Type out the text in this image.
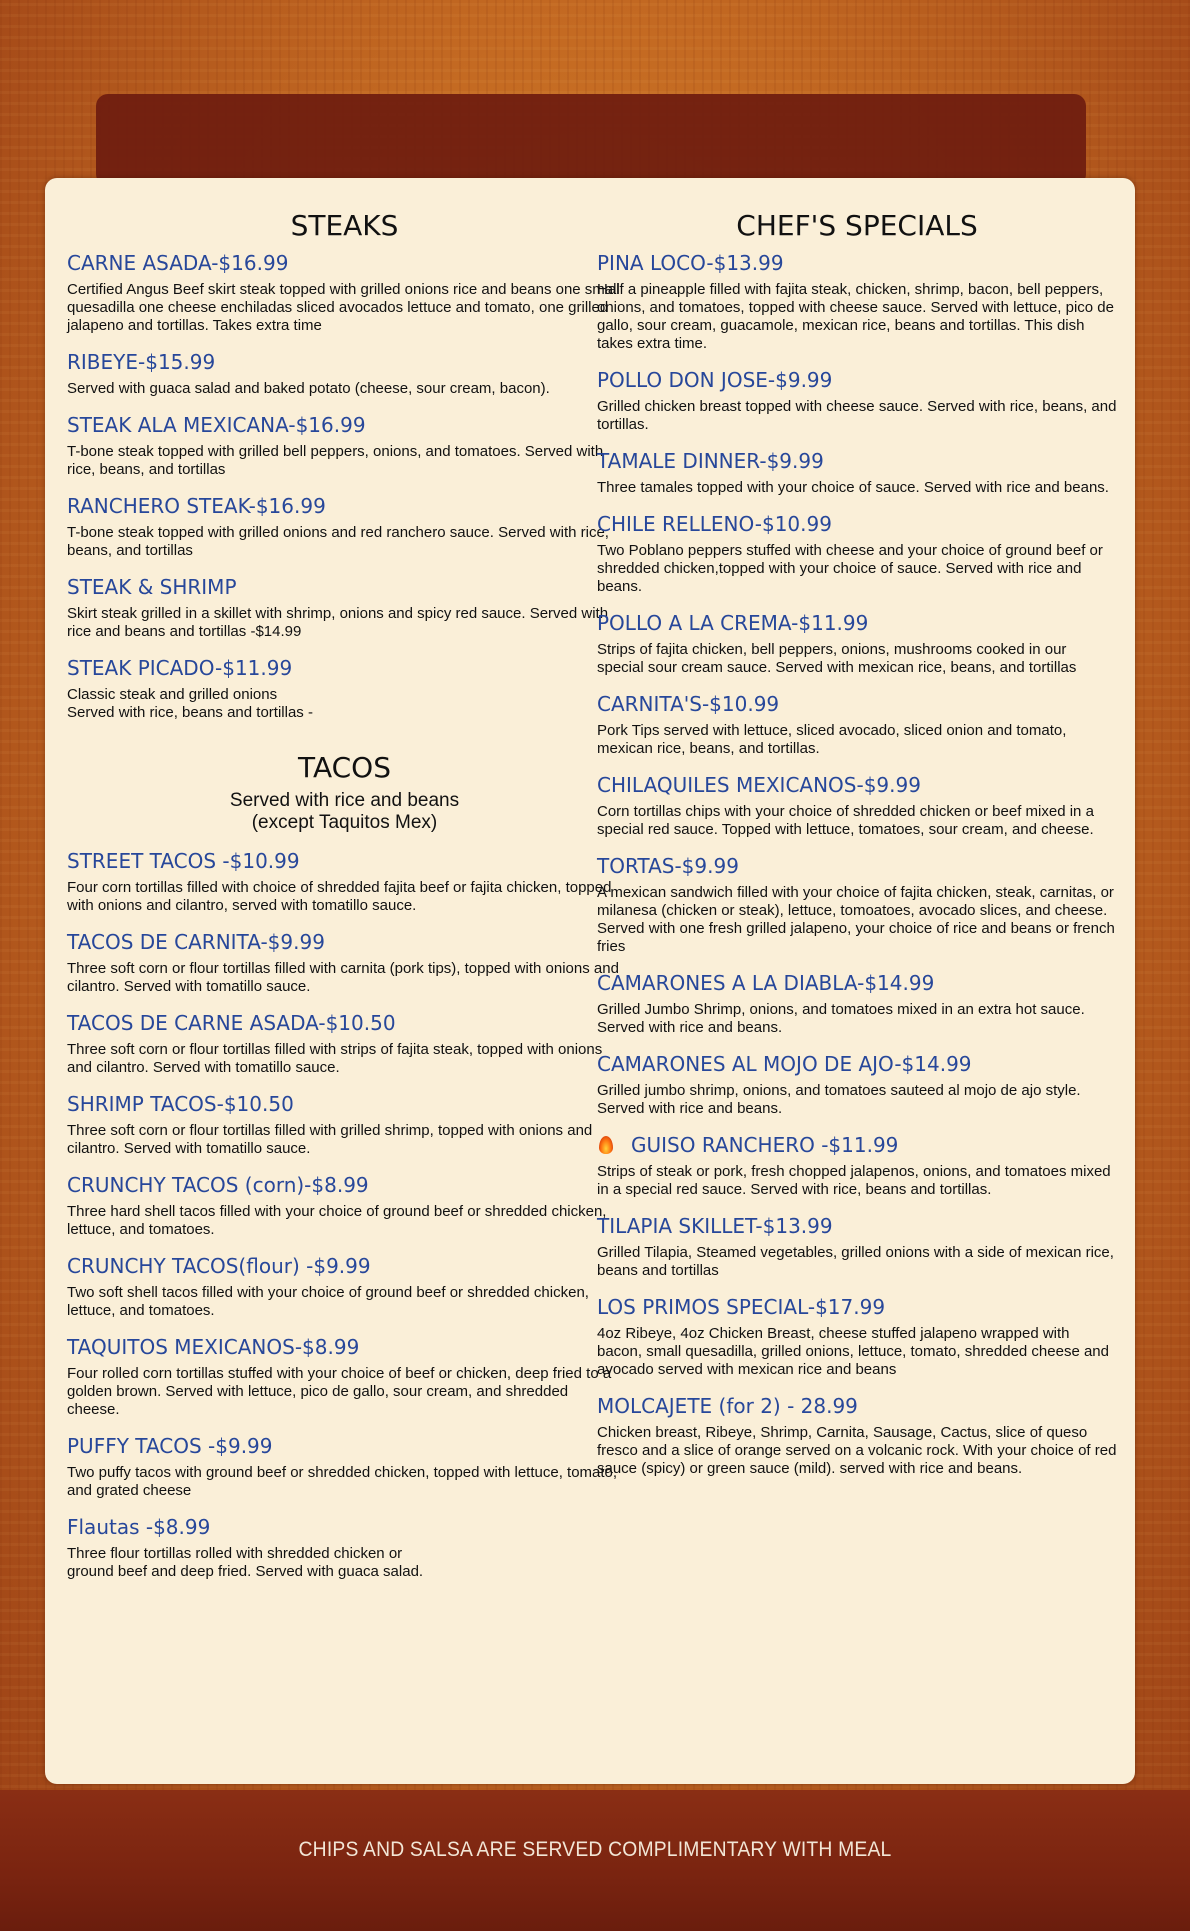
STEAKS
CARNE ASADA-$16.99

Certified Angus Beef skirt steak topped with grilled onions rice and beans one small quesadilla one cheese enchiladas sliced avocados lettuce and tomato, one grilled jalapeno and tortillas. Takes extra time

RIBEYE-$15.99

Served with guaca salad and baked potato (cheese, sour cream, bacon).

STEAK ALA MEXICANA-$16.99

T-bone steak topped with grilled bell peppers, onions, and tomatoes. Served with rice, beans, and tortillas

RANCHERO STEAK-$16.99

T-bone steak topped with grilled onions and red ranchero sauce. Served with rice, beans, and tortillas

STEAK & SHRIMP

Skirt steak grilled in a skillet with shrimp, onions and spicy red sauce. Served with rice and beans and tortillas -$14.99

STEAK PICADO-$11.99

Classic steak and grilled onions
Served with rice, beans and tortillas -

TACOS
Served with rice and beans
(except Taquitos Mex)
STREET TACOS -$10.99

Four corn tortillas filled with choice of shredded fajita beef or fajita chicken, topped with onions and cilantro, served with tomatillo sauce.

TACOS DE CARNITA-$9.99

Three soft corn or flour tortillas filled with carnita (pork tips), topped with onions and cilantro. Served with tomatillo sauce.

TACOS DE CARNE ASADA-$10.50

Three soft corn or flour tortillas filled with strips of fajita steak, topped with onions and cilantro. Served with tomatillo sauce.

SHRIMP TACOS-$10.50

Three soft corn or flour tortillas filled with grilled shrimp, topped with onions and cilantro. Served with tomatillo sauce.

CRUNCHY TACOS (corn)-$8.99

Three hard shell tacos filled with your choice of ground beef or shredded chicken, lettuce, and tomatoes.

CRUNCHY TACOS(flour) -$9.99

Two soft shell tacos filled with your choice of ground beef or shredded chicken, lettuce, and tomatoes.

TAQUITOS MEXICANOS-$8.99

Four rolled corn tortillas stuffed with your choice of beef or chicken, deep fried to a golden brown. Served with lettuce, pico de gallo, sour cream, and shredded cheese.

PUFFY TACOS -$9.99

Two puffy tacos with ground beef or shredded chicken, topped with lettuce, tomato, and grated cheese

Flautas -$8.99

Three flour tortillas rolled with shredded chicken or
ground beef and deep fried. Served with guaca salad.

CHEF'S SPECIALS
PINA LOCO-$13.99

Half a pineapple filled with fajita steak, chicken, shrimp, bacon, bell peppers, onions, and tomatoes, topped with cheese sauce. Served with lettuce, pico de gallo, sour cream, guacamole, mexican rice, beans and tortillas. This dish takes extra time.

POLLO DON JOSE-$9.99

Grilled chicken breast topped with cheese sauce. Served with rice, beans, and tortillas.

TAMALE DINNER-$9.99

Three tamales topped with your choice of sauce. Served with rice and beans.

CHILE RELLENO-$10.99

Two Poblano peppers stuffed with cheese and your choice of ground beef or shredded chicken,topped with your choice of sauce. Served with rice and beans.

POLLO A LA CREMA-$11.99

Strips of fajita chicken, bell peppers, onions, mushrooms cooked in our special sour cream sauce. Served with mexican rice, beans, and tortillas

CARNITA'S-$10.99

Pork Tips served with lettuce, sliced avocado, sliced onion and tomato, mexican rice, beans, and tortillas.

CHILAQUILES MEXICANOS-$9.99

Corn tortillas chips with your choice of shredded chicken or beef mixed in a special red sauce. Topped with lettuce, tomatoes, sour cream, and cheese.

TORTAS-$9.99

A mexican sandwich filled with your choice of fajita chicken, steak, carnitas, or milanesa (chicken or steak), lettuce, tomoatoes, avocado slices, and cheese. Served with one fresh grilled jalapeno, your choice of rice and beans or french fries

CAMARONES A LA DIABLA-$14.99

Grilled Jumbo Shrimp, onions, and tomatoes mixed in an extra hot sauce. Served with rice and beans.

CAMARONES AL MOJO DE AJO-$14.99

Grilled jumbo shrimp, onions, and tomatoes sauteed al mojo de ajo style. Served with rice and beans.

GUISO RANCHERO -$11.99

Strips of steak or pork, fresh chopped jalapenos, onions, and tomatoes mixed in a special red sauce. Served with rice, beans and tortillas.

TILAPIA SKILLET-$13.99

Grilled Tilapia, Steamed vegetables, grilled onions with a side of mexican rice, beans and tortillas

LOS PRIMOS SPECIAL-$17.99

4oz Ribeye, 4oz Chicken Breast, cheese stuffed jalapeno wrapped with bacon, small quesadilla, grilled onions, lettuce, tomato, shredded cheese and avocado served with mexican rice and beans

MOLCAJETE (for 2) - 28.99

Chicken breast, Ribeye, Shrimp, Carnita, Sausage, Cactus, slice of queso fresco and a slice of orange served on a volcanic rock. With your choice of red sauce (spicy) or green sauce (mild). served with rice and beans.

CHIPS AND SALSA ARE SERVED COMPLIMENTARY WITH MEAL
